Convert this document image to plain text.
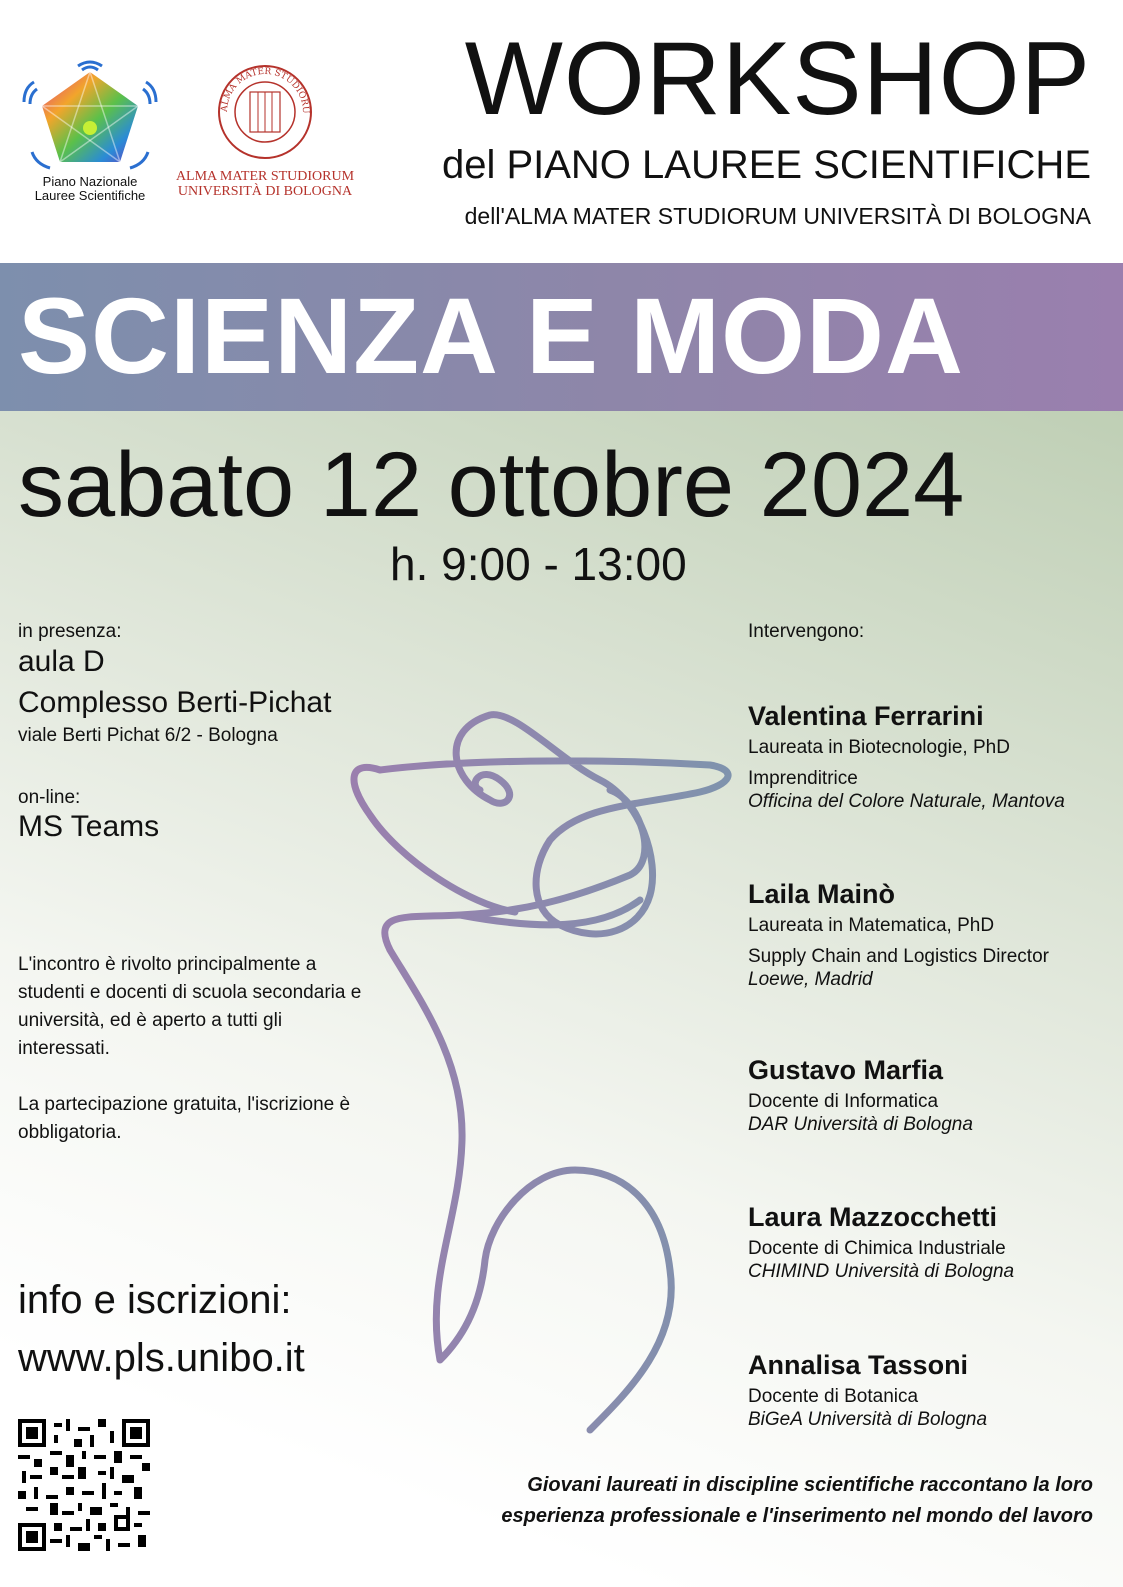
Piano Nazionale
Lauree Scientifiche
ALMA MATER STUDIORU
ALMA MATER STUDIORUM
UNIVERSITÀ DI BOLOGNA
WORKSHOP
del PIANO LAUREE SCIENTIFICHE
dell'ALMA MATER STUDIORUM UNIVERSITÀ DI BOLOGNA
SCIENZA E MODA
sabato 12 ottobre 2024
h. 9:00 - 13:00
in presenza:
aula D
Complesso Berti-Pichat
viale Berti Pichat 6/2 - Bologna
on-line:
MS Teams
L'incontro è rivolto principalmente a studenti e docenti di scuola secondaria e università, ed è aperto a tutti gli interessati.
La partecipazione gratuita, l'iscrizione è obbligatoria.
info e iscrizioni:
www.pls.unibo.it
Intervengono:
Valentina Ferrarini
Laureata in Biotecnologie, PhD
Imprenditrice
Officina del Colore Naturale, Mantova
Laila Mainò
Laureata in Matematica, PhD
Supply Chain and Logistics Director
Loewe, Madrid
Gustavo Marfia
Docente di Informatica
DAR Università di Bologna
Laura Mazzocchetti
Docente di Chimica Industriale
CHIMIND Università di Bologna
Annalisa Tassoni
Docente di Botanica
BiGeA Università di Bologna
Giovani laureati in discipline scientifiche raccontano la loro
esperienza professionale e l'inserimento nel mondo del lavoro
